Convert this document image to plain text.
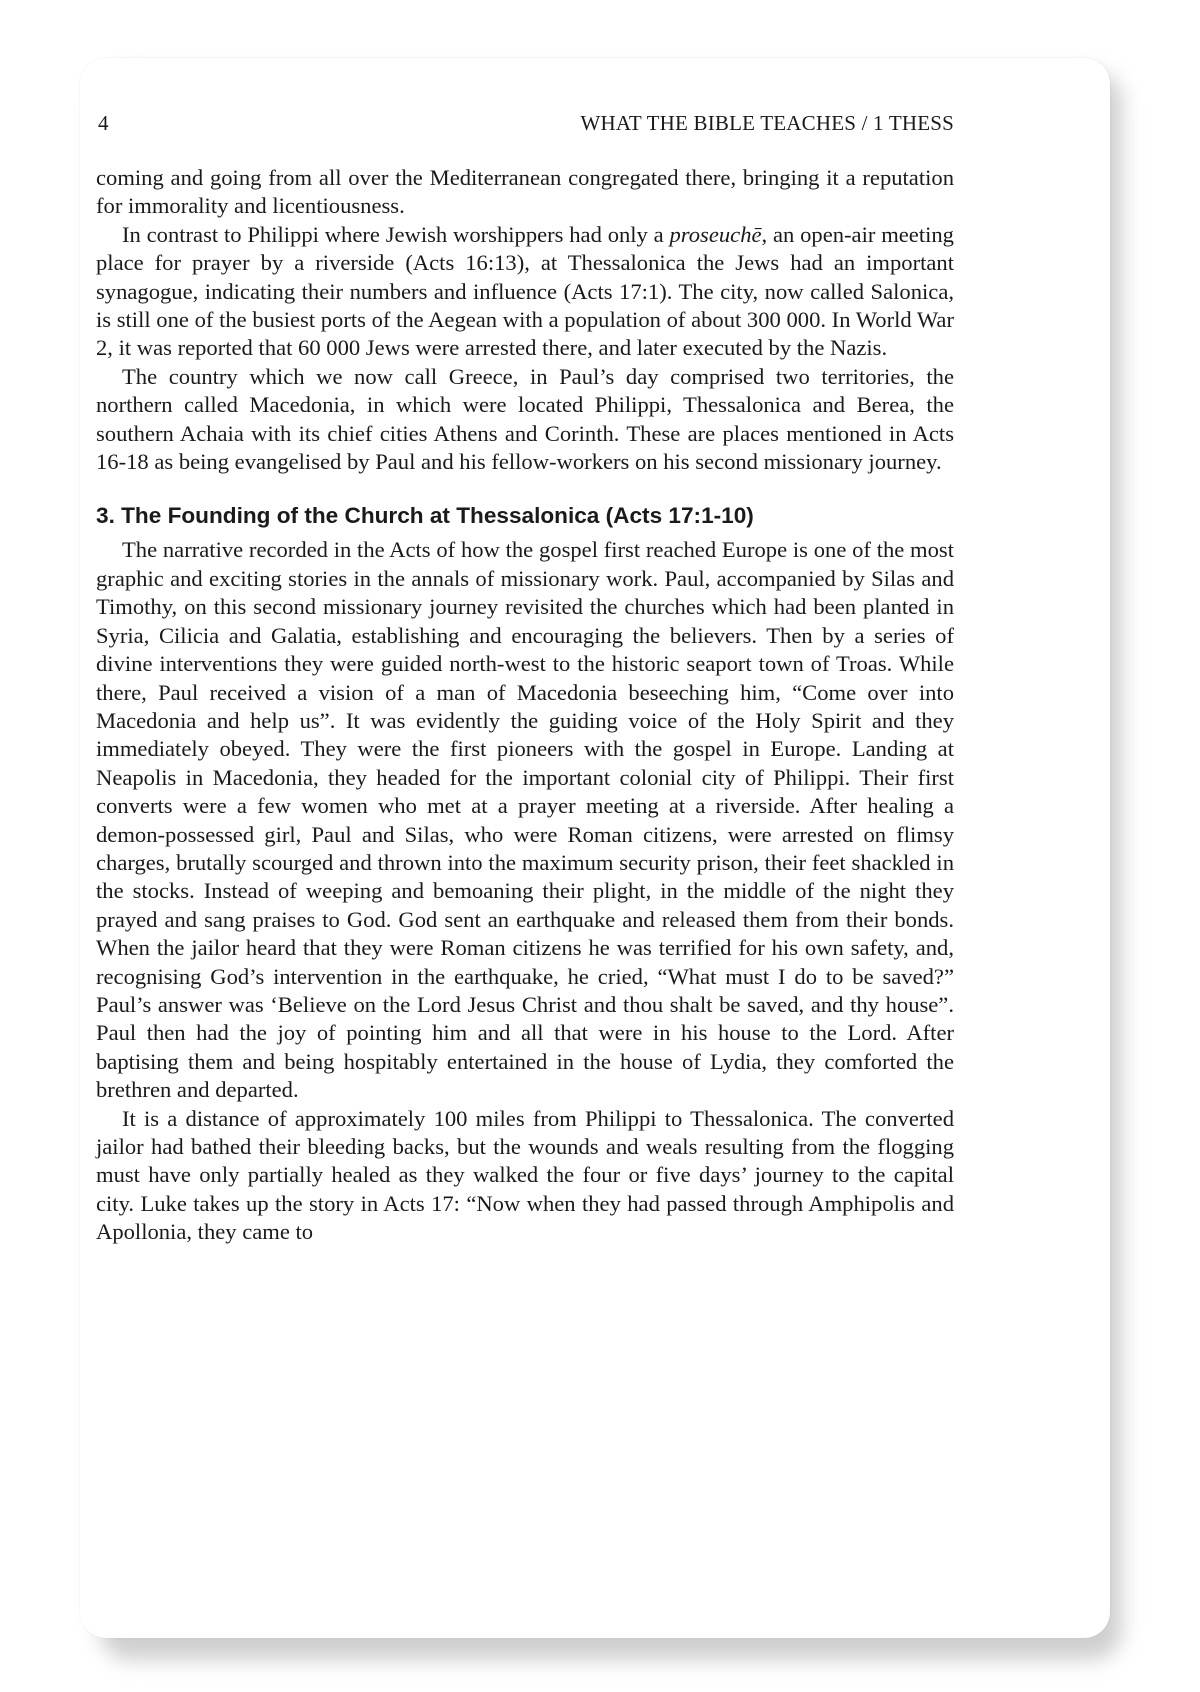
4	WHAT THE BIBLE TEACHES / 1 THESS

coming and going from all over the Mediterranean congregated there, bringing it a reputation for immorality and licentiousness.

In contrast to Philippi where Jewish worshippers had only a proseuchē, an open-air meeting place for prayer by a riverside (Acts 16:13), at Thessalonica the Jews had an important synagogue, indicating their numbers and influence (Acts 17:1). The city, now called Salonica, is still one of the busiest ports of the Aegean with a population of about 300 000. In World War 2, it was reported that 60 000 Jews were arrested there, and later executed by the Nazis.

The country which we now call Greece, in Paul’s day comprised two territories, the northern called Macedonia, in which were located Philippi, Thessalonica and Berea, the southern Achaia with its chief cities Athens and Corinth. These are places mentioned in Acts 16-18 as being evangelised by Paul and his fellow-workers on his second missionary journey.

3. The Founding of the Church at Thessalonica (Acts 17:1-10)

The narrative recorded in the Acts of how the gospel first reached Europe is one of the most graphic and exciting stories in the annals of missionary work. Paul, accompanied by Silas and Timothy, on this second missionary journey revisited the churches which had been planted in Syria, Cilicia and Galatia, establishing and encouraging the believers. Then by a series of divine interventions they were guided north-west to the historic seaport town of Troas. While there, Paul received a vision of a man of Macedonia beseeching him, “Come over into Macedonia and help us”. It was evidently the guiding voice of the Holy Spirit and they immediately obeyed. They were the first pioneers with the gospel in Europe. Landing at Neapolis in Macedonia, they headed for the important colonial city of Philippi. Their first converts were a few women who met at a prayer meeting at a riverside. After healing a demon-possessed girl, Paul and Silas, who were Roman citizens, were arrested on flimsy charges, brutally scourged and thrown into the maximum security prison, their feet shackled in the stocks. Instead of weeping and bemoaning their plight, in the middle of the night they prayed and sang praises to God. God sent an earthquake and released them from their bonds. When the jailor heard that they were Roman citizens he was terrified for his own safety, and, recognising God’s intervention in the earthquake, he cried, “What must I do to be saved?” Paul’s answer was ‘Believe on the Lord Jesus Christ and thou shalt be saved, and thy house”. Paul then had the joy of pointing him and all that were in his house to the Lord. After baptising them and being hospitably entertained in the house of Lydia, they comforted the brethren and departed.

It is a distance of approximately 100 miles from Philippi to Thessalonica. The converted jailor had bathed their bleeding backs, but the wounds and weals resulting from the flogging must have only partially healed as they walked the four or five days’ journey to the capital city. Luke takes up the story in Acts 17: “Now when they had passed through Amphipolis and Apollonia, they came to
